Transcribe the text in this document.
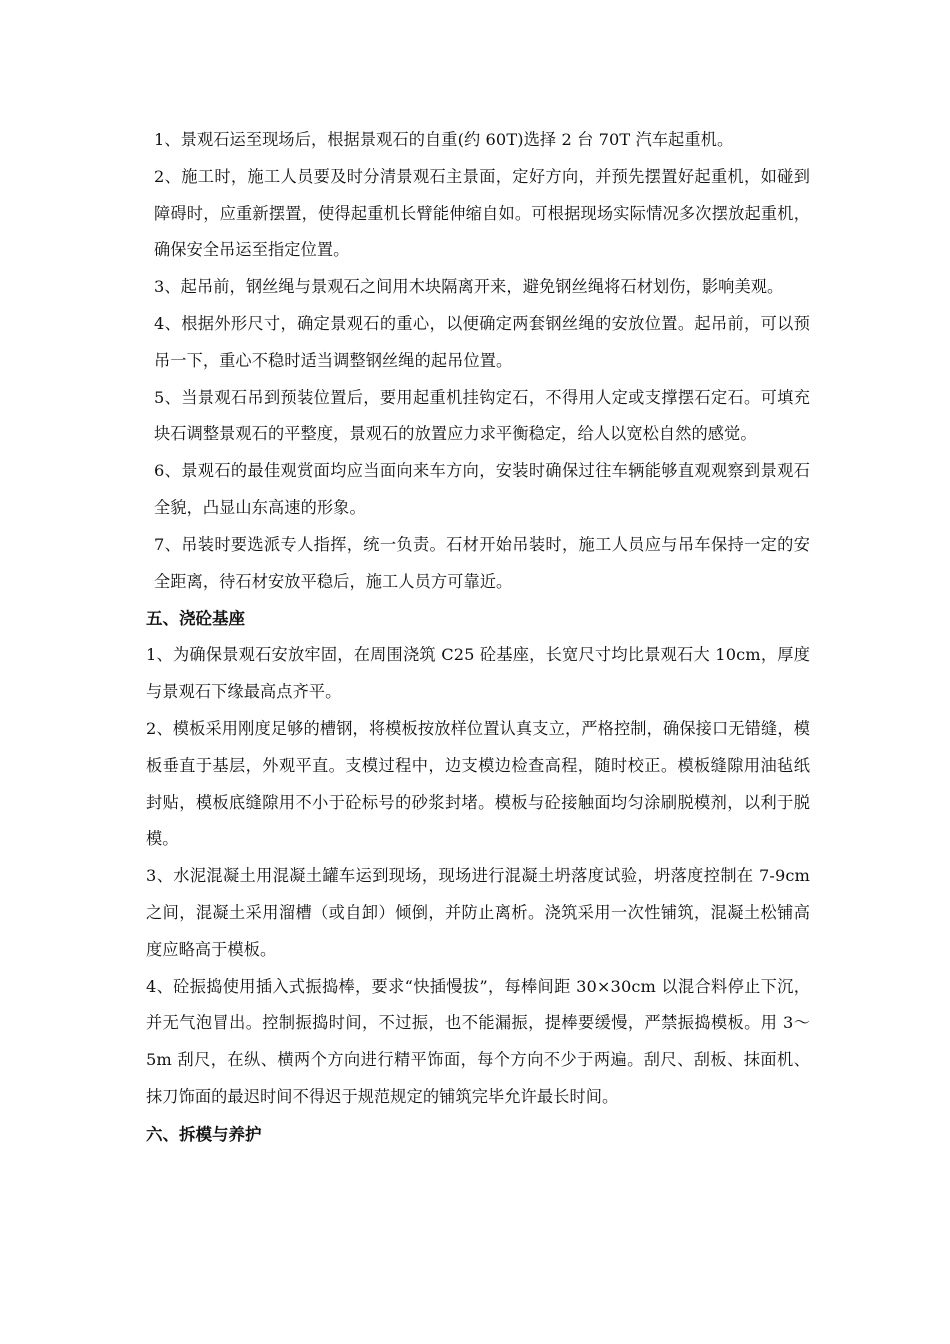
1、景观石运至现场后，根据景观石的自重(约 60T)选择 2 台 70T 汽车起重机。

2、施工时，施工人员要及时分清景观石主景面，定好方向，并预先摆置好起重机，如碰到障碍时，应重新摆置，使得起重机长臂能伸缩自如。可根据现场实际情况多次摆放起重机，确保安全吊运至指定位置。

3、起吊前，钢丝绳与景观石之间用木块隔离开来，避免钢丝绳将石材划伤，影响美观。

4、根据外形尺寸，确定景观石的重心，以便确定两套钢丝绳的安放位置。起吊前，可以预吊一下，重心不稳时适当调整钢丝绳的起吊位置。

5、当景观石吊到预装位置后，要用起重机挂钩定石，不得用人定或支撑摆石定石。可填充块石调整景观石的平整度，景观石的放置应力求平衡稳定，给人以宽松自然的感觉。

6、景观石的最佳观赏面均应当面向来车方向，安装时确保过往车辆能够直观观察到景观石全貌，凸显山东高速的形象。

7、吊装时要选派专人指挥，统一负责。石材开始吊装时，施工人员应与吊车保持一定的安全距离，待石材安放平稳后，施工人员方可靠近。

五、浇砼基座

1、为确保景观石安放牢固，在周围浇筑 C25 砼基座，长宽尺寸均比景观石大 10cm，厚度与景观石下缘最高点齐平。

2、模板采用刚度足够的槽钢，将模板按放样位置认真支立，严格控制，确保接口无错缝，模板垂直于基层，外观平直。支模过程中，边支模边检查高程，随时校正。模板缝隙用油毡纸封贴，模板底缝隙用不小于砼标号的砂浆封堵。模板与砼接触面均匀涂刷脱模剂，以利于脱模。

3、水泥混凝土用混凝土罐车运到现场，现场进行混凝土坍落度试验，坍落度控制在 7-9cm 之间，混凝土采用溜槽（或自卸）倾倒，并防止离析。浇筑采用一次性铺筑，混凝土松铺高度应略高于模板。

4、砼振捣使用插入式振捣棒，要求“快插慢拔”，每棒间距 30×30cm 以混合料停止下沉，并无气泡冒出。控制振捣时间，不过振，也不能漏振，提棒要缓慢，严禁振捣模板。用 3～5m 刮尺，在纵、横两个方向进行精平饰面，每个方向不少于两遍。刮尺、刮板、抹面机、抹刀饰面的最迟时间不得迟于规范规定的铺筑完毕允许最长时间。

六、拆模与养护
